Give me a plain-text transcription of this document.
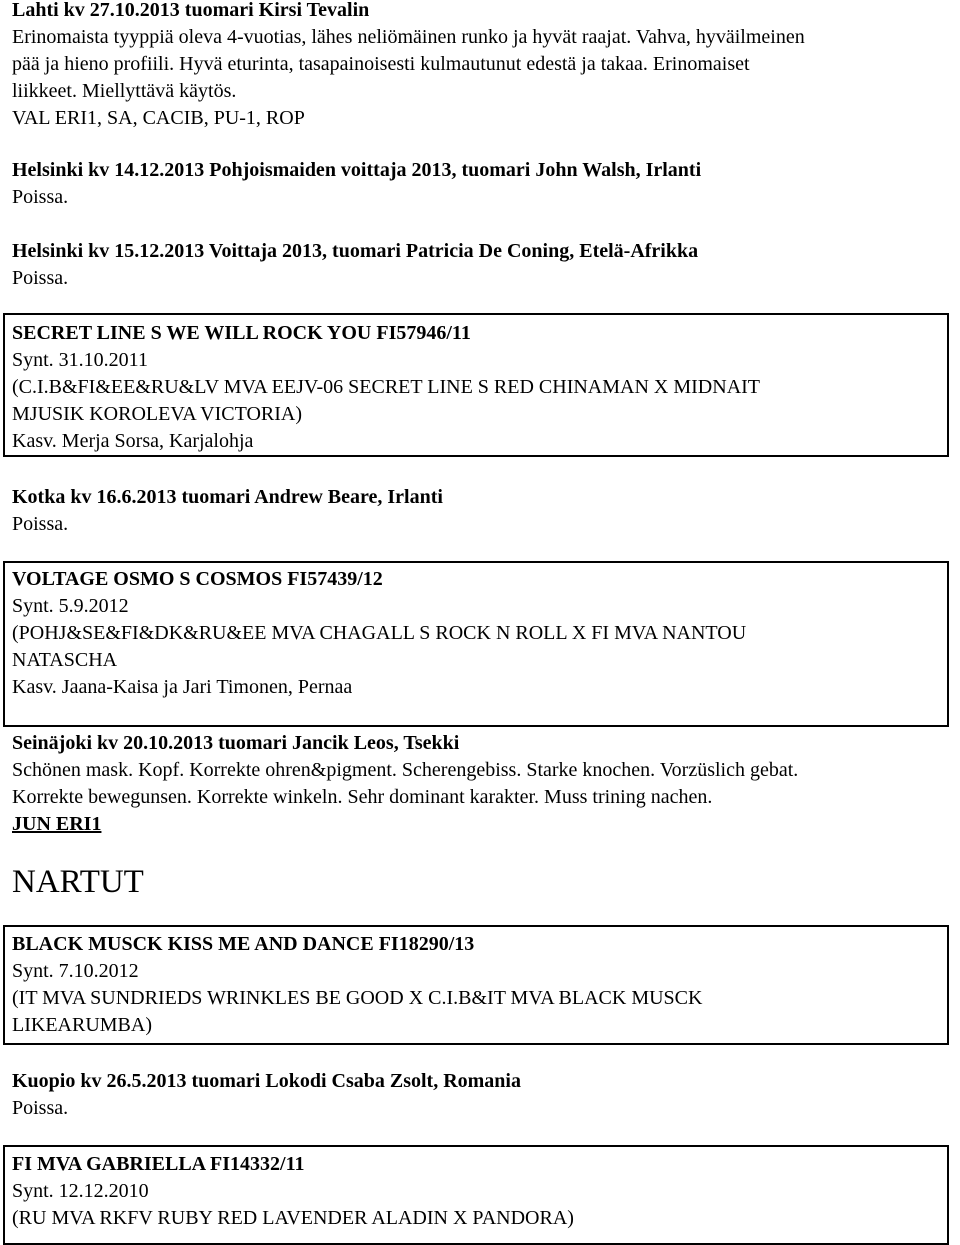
Lahti kv 27.10.2013 tuomari Kirsi Tevalin
Erinomaista tyyppiä oleva 4-vuotias, lähes neliömäinen runko ja hyvät raajat. Vahva, hyväilmeinen
pää ja hieno profiili. Hyvä eturinta, tasapainoisesti kulmautunut edestä ja takaa. Erinomaiset
liikkeet. Miellyttävä käytös.
VAL ERI1, SA, CACIB, PU-1, ROP
Helsinki kv 14.12.2013 Pohjoismaiden voittaja 2013, tuomari John Walsh, Irlanti
Poissa.
Helsinki kv 15.12.2013 Voittaja 2013, tuomari Patricia De Coning, Etelä-Afrikka
Poissa.
SECRET LINE S WE WILL ROCK YOU FI57946/11
Synt. 31.10.2011
(C.I.B&FI&EE&RU&LV MVA EEJV-06 SECRET LINE S RED CHINAMAN X MIDNAIT
MJUSIK KOROLEVA VICTORIA)
Kasv. Merja Sorsa, Karjalohja
Kotka kv 16.6.2013 tuomari Andrew Beare, Irlanti
Poissa.
VOLTAGE OSMO S COSMOS FI57439/12
Synt. 5.9.2012
(POHJ&SE&FI&DK&RU&EE MVA CHAGALL S ROCK N ROLL X FI MVA NANTOU
NATASCHA
Kasv. Jaana-Kaisa ja Jari Timonen, Pernaa
Seinäjoki kv 20.10.2013 tuomari Jancik Leos, Tsekki
Schönen mask. Kopf. Korrekte ohren&pigment. Scherengebiss. Starke knochen. Vorzüslich gebat.
Korrekte bewegunsen. Korrekte winkeln. Sehr dominant karakter. Muss trining nachen.
JUN ERI1
NARTUT
BLACK MUSCK KISS ME AND DANCE FI18290/13
Synt. 7.10.2012
(IT MVA SUNDRIEDS WRINKLES BE GOOD X C.I.B&IT MVA BLACK MUSCK
LIKEARUMBA)
Kuopio kv 26.5.2013 tuomari Lokodi Csaba Zsolt, Romania
Poissa.
FI MVA GABRIELLA FI14332/11
Synt. 12.12.2010
(RU MVA RKFV RUBY RED LAVENDER ALADIN X PANDORA)
